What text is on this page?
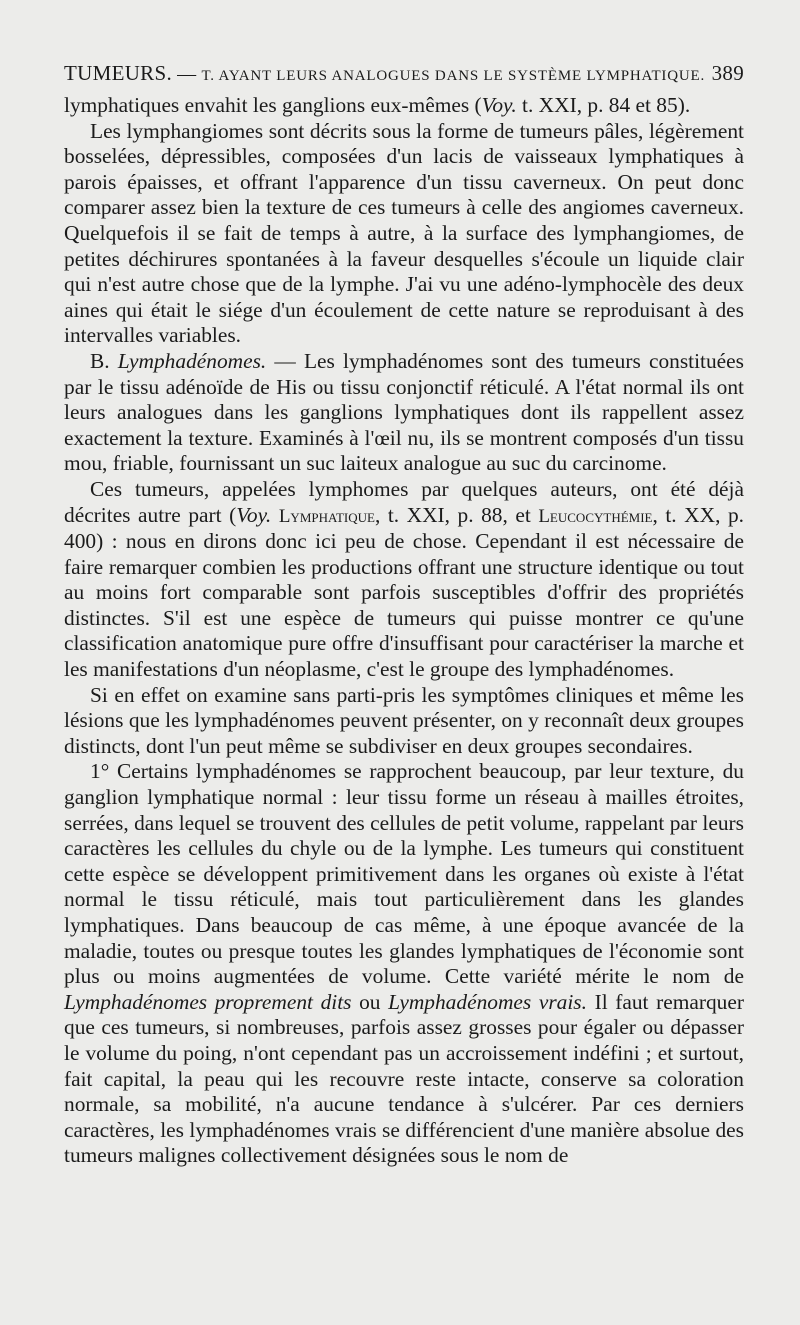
TUMEURS. — T. AYANT LEURS ANALOGUES DANS LE SYSTÈME LYMPHATIQUE. 389

lymphatiques envahit les ganglions eux-mêmes (Voy. t. XXI, p. 84 et 85).

Les lymphangiomes sont décrits sous la forme de tumeurs pâles, légèrement bosselées, dépressibles, composées d'un lacis de vaisseaux lymphatiques à parois épaisses, et offrant l'apparence d'un tissu caverneux. On peut donc comparer assez bien la texture de ces tumeurs à celle des angiomes caverneux. Quelquefois il se fait de temps à autre, à la surface des lymphangiomes, de petites déchirures spontanées à la faveur desquelles s'écoule un liquide clair qui n'est autre chose que de la lymphe. J'ai vu une adéno-lymphocèle des deux aines qui était le siége d'un écoulement de cette nature se reproduisant à des intervalles variables.

B. Lymphadénomes. — Les lymphadénomes sont des tumeurs constituées par le tissu adénoïde de His ou tissu conjonctif réticulé. A l'état normal ils ont leurs analogues dans les ganglions lymphatiques dont ils rappellent assez exactement la texture. Examinés à l'œil nu, ils se montrent composés d'un tissu mou, friable, fournissant un suc laiteux analogue au suc du carcinome.

Ces tumeurs, appelées lymphomes par quelques auteurs, ont été déjà décrites autre part (Voy. Lymphatique, t. XXI, p. 88, et Leucocythémie, t. XX, p. 400) : nous en dirons donc ici peu de chose. Cependant il est nécessaire de faire remarquer combien les productions offrant une structure identique ou tout au moins fort comparable sont parfois susceptibles d'offrir des propriétés distinctes. S'il est une espèce de tumeurs qui puisse montrer ce qu'une classification anatomique pure offre d'insuffisant pour caractériser la marche et les manifestations d'un néoplasme, c'est le groupe des lymphadénomes.

Si en effet on examine sans parti-pris les symptômes cliniques et même les lésions que les lymphadénomes peuvent présenter, on y reconnaît deux groupes distincts, dont l'un peut même se subdiviser en deux groupes secondaires.

1° Certains lymphadénomes se rapprochent beaucoup, par leur texture, du ganglion lymphatique normal : leur tissu forme un réseau à mailles étroites, serrées, dans lequel se trouvent des cellules de petit volume, rappelant par leurs caractères les cellules du chyle ou de la lymphe. Les tumeurs qui constituent cette espèce se développent primitivement dans les organes où existe à l'état normal le tissu réticulé, mais tout particulièrement dans les glandes lymphatiques. Dans beaucoup de cas même, à une époque avancée de la maladie, toutes ou presque toutes les glandes lymphatiques de l'économie sont plus ou moins augmentées de volume. Cette variété mérite le nom de Lymphadénomes proprement dits ou Lymphadénomes vrais. Il faut remarquer que ces tumeurs, si nombreuses, parfois assez grosses pour égaler ou dépasser le volume du poing, n'ont cependant pas un accroissement indéfini ; et surtout, fait capital, la peau qui les recouvre reste intacte, conserve sa coloration normale, sa mobilité, n'a aucune tendance à s'ulcérer. Par ces derniers caractères, les lymphadénomes vrais se différencient d'une manière absolue des tumeurs malignes collectivement désignées sous le nom de
